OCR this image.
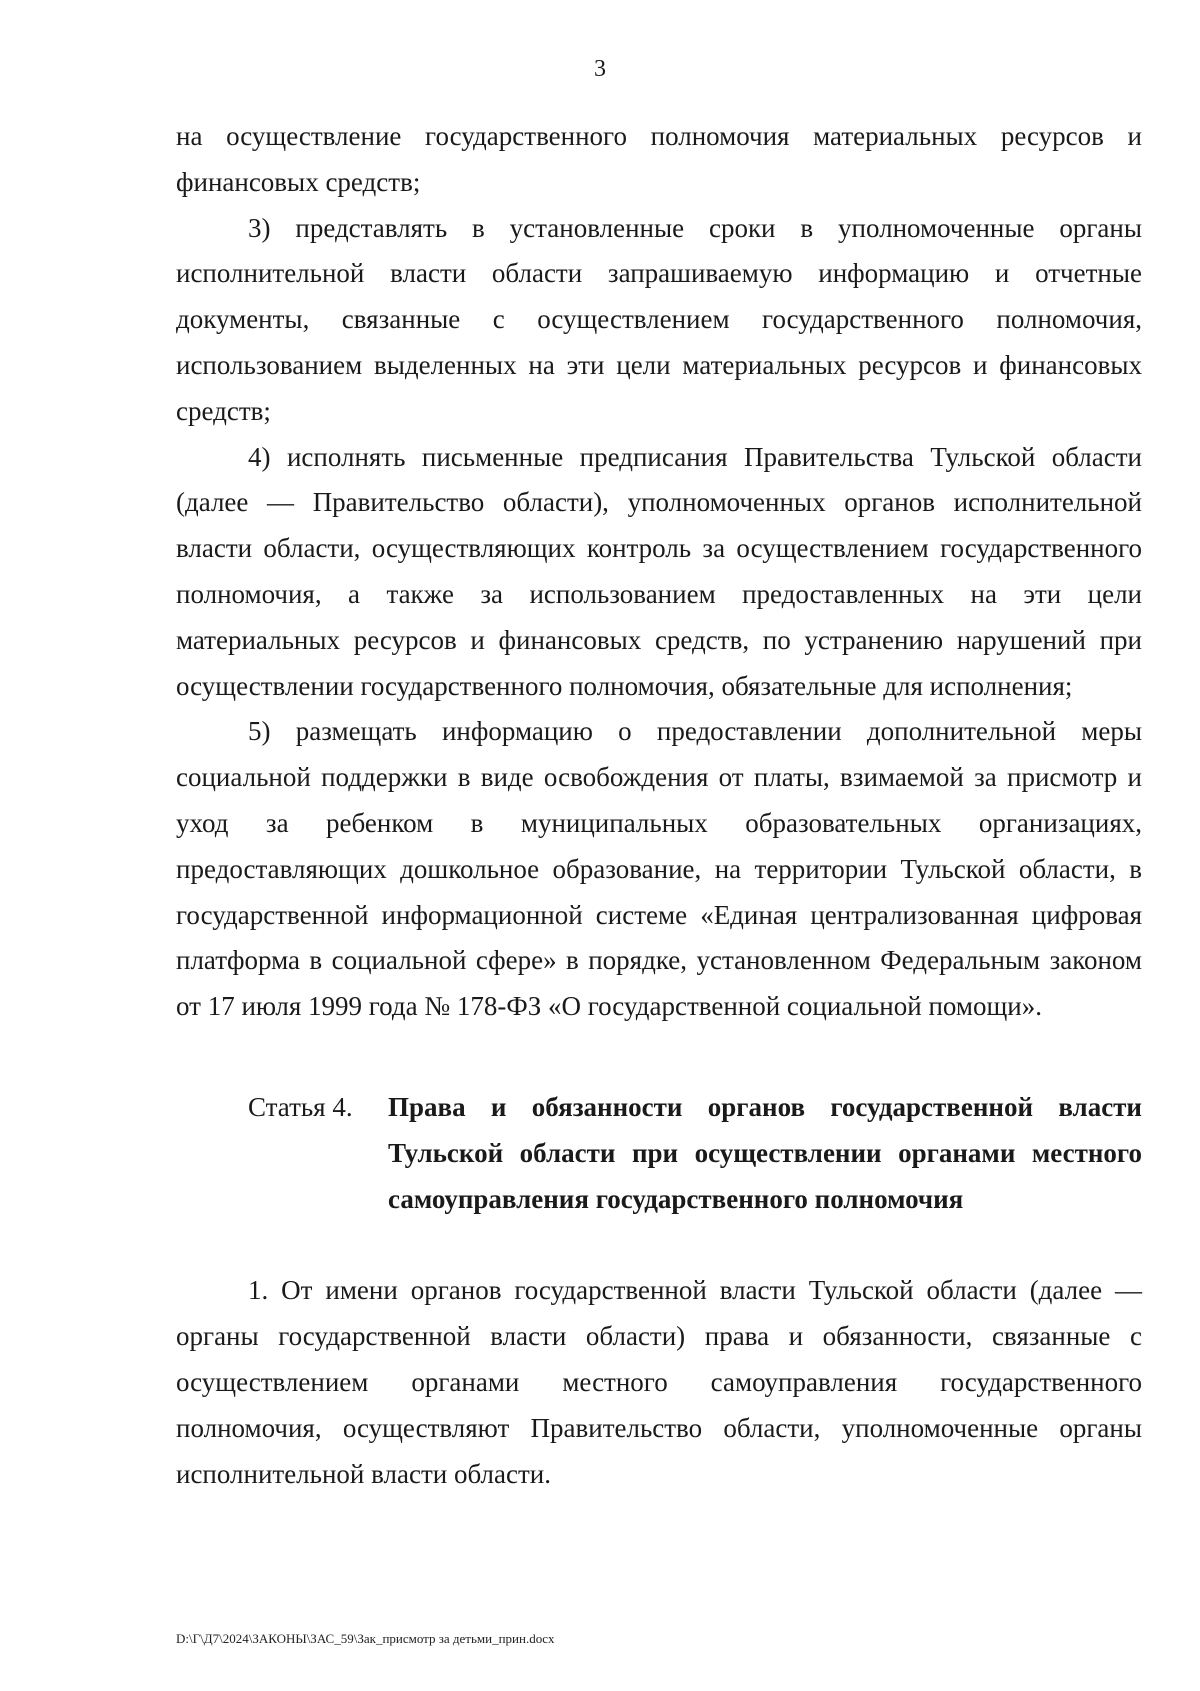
3

на осуществление государственного полномочия материальных ресурсов и финансовых средств;

3) представлять в установленные сроки в уполномоченные органы исполнительной власти области запрашиваемую информацию и отчетные документы, связанные с осуществлением государственного полномочия, использованием выделенных на эти цели материальных ресурсов и финансовых средств;

4) исполнять письменные предписания Правительства Тульской области (далее — Правительство области), уполномоченных органов исполнительной власти области, осуществляющих контроль за осуществлением государственного полномочия, а также за использованием предоставленных на эти цели материальных ресурсов и финансовых средств, по устранению нарушений при осуществлении государственного полномочия, обязательные для исполнения;

5) размещать информацию о предоставлении дополнительной меры социальной поддержки в виде освобождения от платы, взимаемой за присмотр и уход за ребенком в муниципальных образовательных организациях, предоставляющих дошкольное образование, на территории Тульской области, в государственной информационной системе «Единая централизованная цифровая платформа в социальной сфере» в порядке, установленном Федеральным законом от 17 июля 1999 года № 178-ФЗ «О государственной социальной помощи».

Статья 4. Права и обязанности органов государственной власти Тульской области при осуществлении органами местного самоуправления государственного полномочия

1. От имени органов государственной власти Тульской области (далее — органы государственной власти области) права и обязанности, связанные с осуществлением органами местного самоуправления государственного полномочия, осуществляют Правительство области, уполномоченные органы исполнительной власти области.

D:\Г\Д7\2024\ЗАКОНЫ\ЗАС_59\Зак_присмотр за детьми_прин.docx
